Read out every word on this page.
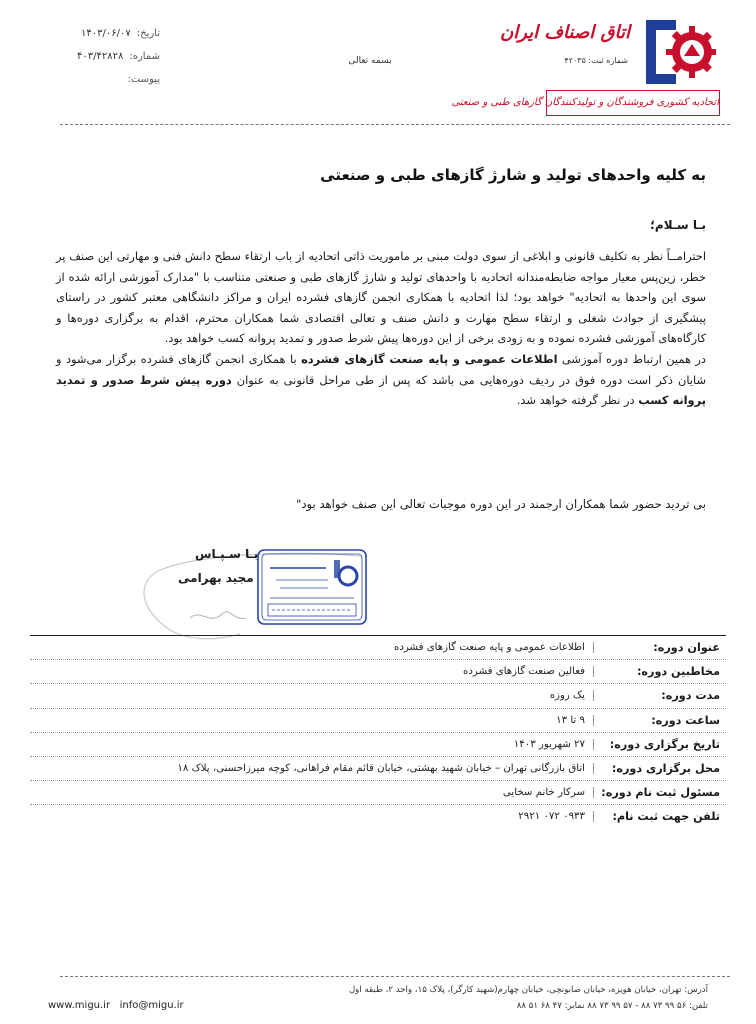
تاریخ:
۱۴۰۳/۰۶/۰۷
شماره:
۴۰۳/۴۲۸۲۸
پیوست:
بسمه تعالی
اتاق اصناف ایران
شماره ثبت: ۴۲۰۳۵
اتحادیه کشوری فروشندگان و تولیدکنندگان گازهای طبی و صنعتی
به کلیه واحدهای تولید و شارژ گازهای طبی و صنعتی
بـا سـلام؛

احترامــاً نظر به تکلیف قانونی و ابلاغی از سوی دولت مبنی بر ماموریت ذاتی اتحادیه از باب ارتقاء سطح دانش فنی و مهارتی این صنف پر خطر، زین‌پس معیار مواجه ضابطه‌مندانه اتحادیه با واحدهای تولید و شارژ گازهای طبی و صنعتی متناسب با "مدارک آموزشی ارائه شده از سوی این واحدها به اتحادیه" خواهد بود؛ لذا اتحادیه با همکاری انجمن گازهای فشرده ایران و مراکز دانشگاهی معتبر کشور در راستای پیشگیری از حوادث شغلی و ارتقاء سطح مهارت و دانش صنف و تعالی اقتصادی شما همکاران محترم، اقدام به برگزاری دوره‌ها و کارگاه‌های آموزشی فشرده نموده و به زودی برخی از این دوره‌ها پیش شرط صدور و تمدید پروانه کسب خواهد بود.

در همین ارتباط دوره آموزشی اطلاعات عمومی و پایه صنعت گازهای فشرده با همکاری انجمن گازهای فشرده برگزار می‌شود و شایان ذکر است دوره فوق در ردیف دوره‌هایی می باشد که پس از طی مراحل قانونی به عنوان دوره پیش شرط صدور و تمدید پروانه کسب در نظر گرفته خواهد شد.

بی تردید حضور شما همکاران ارجمند در این دوره موجبات تعالی این صنف خواهد بود"
بـا سـپـاس
مجید بهرامی
عنوان دوره:
اطلاعات عمومی و پایه صنعت گازهای فشرده
مخاطبین دوره:
فعالین صنعت گازهای فشرده
مدت دوره:
یک روزه
ساعت دوره:
۹ تا ۱۳
تاریخ برگزاری دوره:
۲۷ شهریور ۱۴۰۳
محل برگزاری دوره:
اتاق بازرگانی تهران – خیابان شهید بهشتی، خیابان قائم مقام فراهانی، کوچه میرزاحسنی، پلاک ۱۸
مسئول ثبت نام دوره:
سرکار خانم سخایی
تلفن جهت ثبت نام:
۰۹۳۳ ۰۷۲ ۲۹۲۱
آدرس: تهران، خیابان هویزه، خیابان صابونچی، خیابان چهارم(شهید کارگر)، پلاک ۱۵، واحد ۲، طبقه اول
تلفن: ۵۶ ۹۹ ۷۳ ۸۸ - ۵۷ ۹۹ ۷۳ ۸۸ نمابر: ۴۷ ۶۸ ۵۱ ۸۸
www.migu.ir info@migu.ir
